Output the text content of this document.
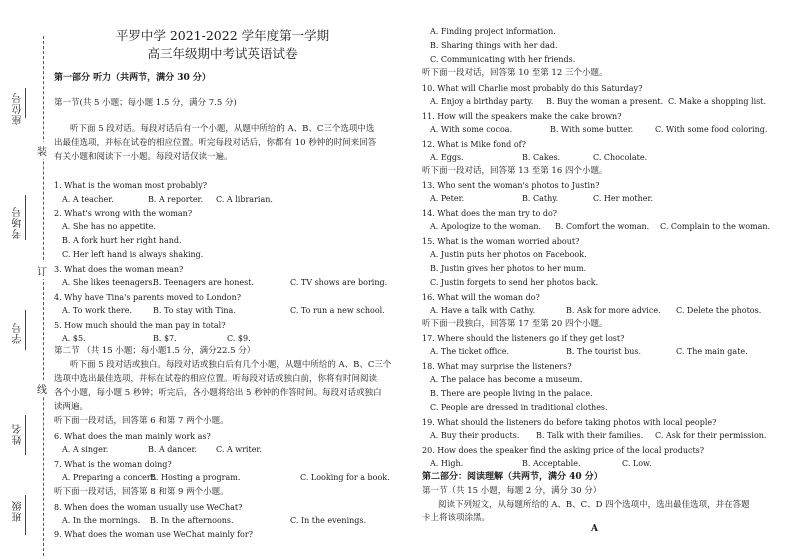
座位号
考场号
学号
姓名
班级
装
订
线
平罗中学 2021-2022 学年度第一学期
高三年级期中考试英语试卷
第一部分 听力（共两节，满分 30 分）
第一节(共 5 小题；每小题 1.5 分，满分 7.5 分)
听下面 5 段对话。每段对话后有一个小题，从题中所给的 A、B、C三个选项中选
出最佳选项，并标在试卷的相应位置。听完每段对话后，你都有 10 秒钟的时间来回答
有关小题和阅读下一小题。每段对话仅读一遍。
1. What is the woman most probably?
A. A teacher.	B. A reporter. C. A librarian.
2. What's wrong with the woman?
A. She has no appetite.
B. A fork hurt her right hand.
C. Her left hand is always shaking.
3. What does the woman mean?
A. She likes teenagers.
B. Teenagers are honest.	C. TV shows are boring.
4. Why have Tina's parents moved to London?
A. To work there.	B. To stay with Tina.	C. To run a new school.
5. How much should the man pay in total?
A. $5.	B. $7.	C. $9.
第二节 （共 15 小题；每小题1.5 分，满分22.5 分）
听下面 5 段对话或独白。每段对话或独白后有几个小题，从题中所给的 A、B、C三个
选项中选出最佳选项，并标在试卷的相应位置。听每段对话或独白前，你将有时间阅读
各个小题，每小题 5 秒钟；听完后，各小题将给出 5 秒钟的作答时间。每段对话或独白
读两遍。
听下面一段对话，回答第 6 和第 7 两个小题。
6. What does the man mainly work as?
A. A singer.	B. A dancer. C. A writer.
7. What is the woman doing?
A. Preparing a concert.
B. Hosting a program.	C. Looking for a book.
听下面一段对话，回答第 8 和第 9 两个小题。
8. When does the woman usually use WeChat?
A. In the mornings. B. In the afternoons.	C. In the evenings.
9. What does the woman use WeChat mainly for?
A. Finding project information.
B. Sharing things with her dad.
C. Communicating with her friends.
听下面一段对话，回答第 10 至第 12 三个小题。
10. What will Charlie most probably do this Saturday?
A. Enjoy a birthday party. B. Buy the woman a present. C. Make a shopping list.
11. How will the speakers make the cake brown?
A. With some cocoa.	B. With some butter.	C. With some food coloring.
12. What is Mike fond of?
A. Eggs.	B. Cakes.	C. Chocolate.
听下面一段对话，回答第 13 至第 16 四个小题。
13. Who sent the woman's photos to Justin?
A. Peter.	B. Cathy.	C. Her mother.
14. What does the man try to do?
A. Apologize to the woman. B. Comfort the woman. C. Complain to the woman.
15. What is the woman worried about?
A. Justin puts her photos on Facebook.
B. Justin gives her photos to her mum.
C. Justin forgets to send her photos back.
16. What will the woman do?
A. Have a talk with Cathy.	B. Ask for more advice. C. Delete the photos.
听下面一段独白，回答第 17 至第 20 四个小题。
17. Where should the listeners go if they get lost?
A. The ticket office.	B. The tourist bus.	C. The main gate.
18. What may surprise the listeners?
A. The palace has become a museum.
B. There are people living in the palace.
C. People are dressed in traditional clothes.
19. What should the listeners do before taking photos with local people?
A. Buy their products. B. Talk with their families. C. Ask for their permission.
20. How does the speaker find the asking price of the local products?
A. High.	B. Acceptable.	C. Low.
第二部分：阅读理解（共两节，满分 40 分）
第一节（共 15 小题，每题 2 分，满分 30 分）
阅读下列短文，从每题所给的 A、B、C、D 四个选项中，选出最佳选项，并在答题
卡上将该项涂黑。
A
